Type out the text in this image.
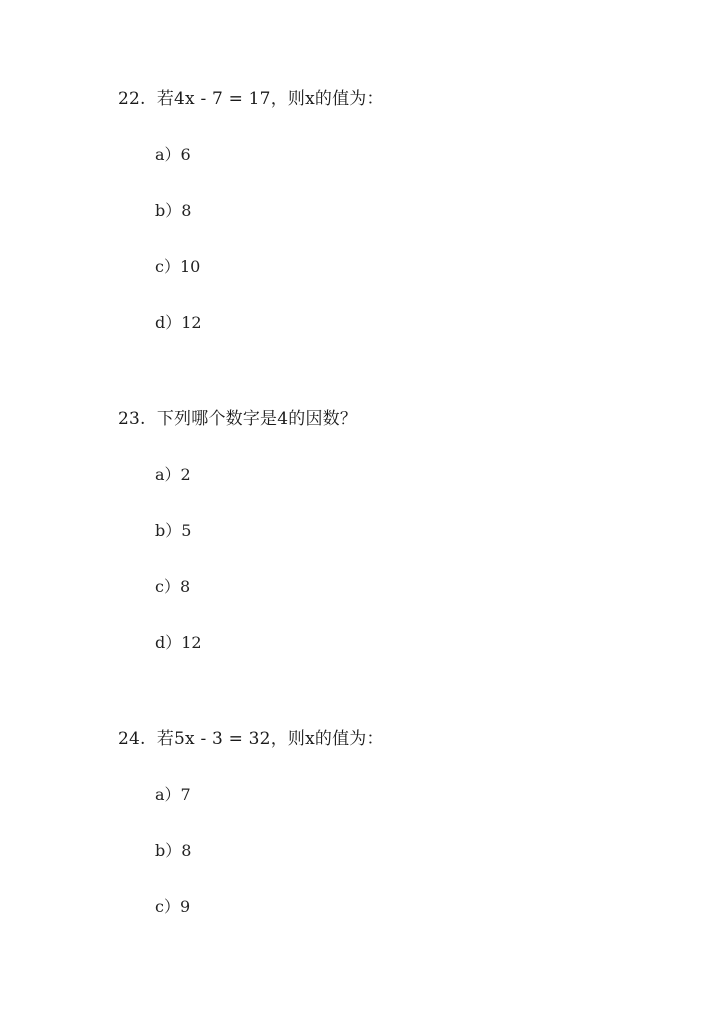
22.  若4x - 7 = 17，则x的值为：
a）6
b）8
c）10
d）12
23.  下列哪个数字是4的因数？
a）2
b）5
c）8
d）12
24.  若5x - 3 = 32，则x的值为：
a）7
b）8
c）9
